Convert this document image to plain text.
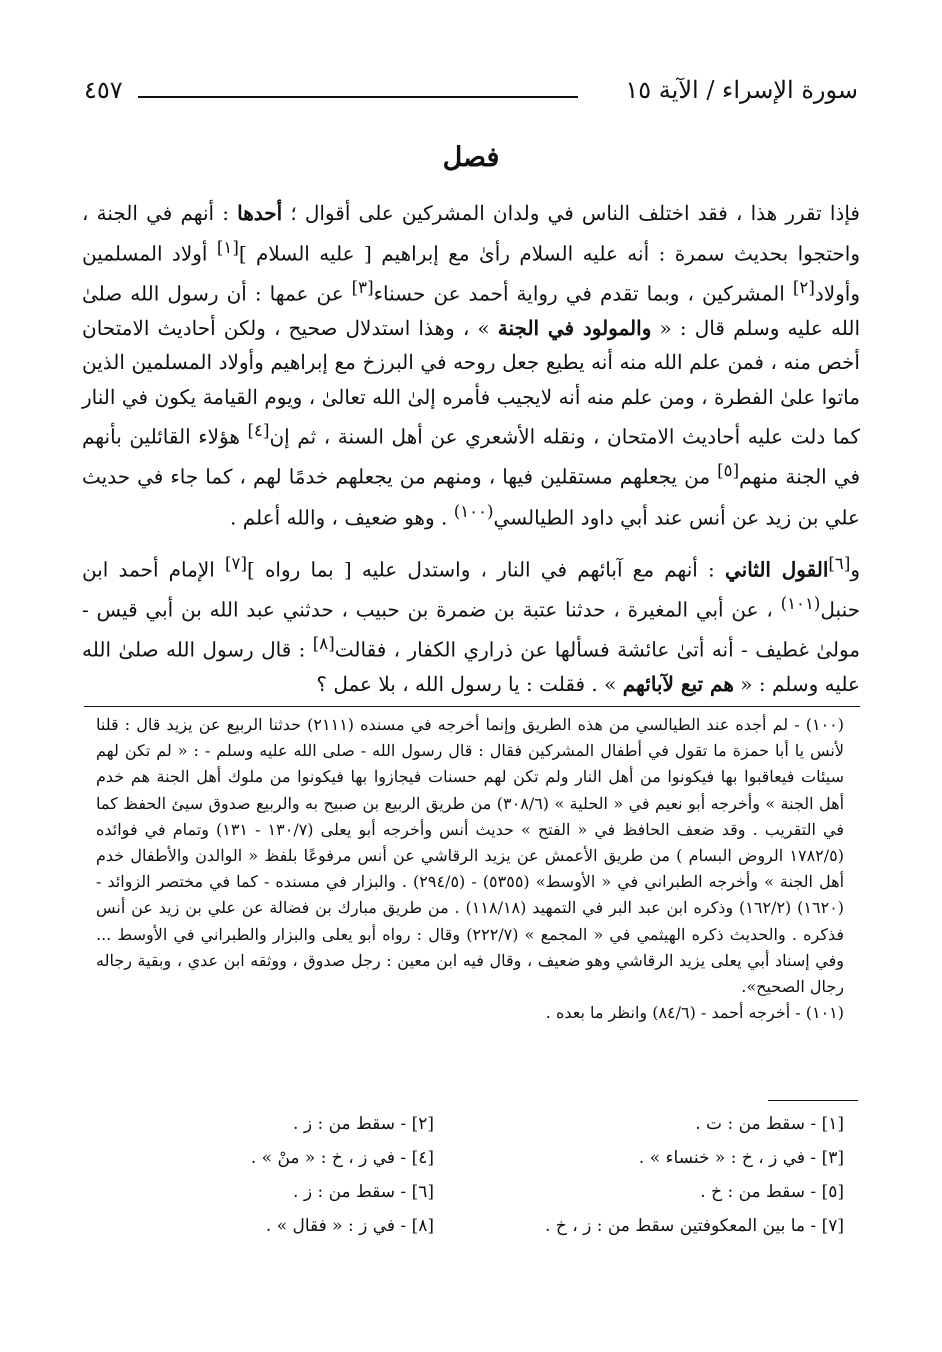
سورة الإسراء / الآية ١٥
٤٥٧
فصل

فإذا تقرر هذا ، فقد اختلف الناس في ولدان المشركين على أقوال ؛ أحدها : أنهم في الجنة ، واحتجوا بحديث سمرة : أنه عليه السلام رأىٰ مع إبراهيم [ عليه السلام ][١] أولاد المسلمين وأولاد[٢] المشركين ، وبما تقدم في رواية أحمد عن حسناء[٣] عن عمها : أن رسول الله صلىٰ الله عليه وسلم قال : « والمولود في الجنة » ، وهذا استدلال صحيح ، ولكن أحاديث الامتحان أخص منه ، فمن علم الله منه أنه يطيع جعل روحه في البرزخ مع إبراهيم وأولاد المسلمين الذين ماتوا علىٰ الفطرة ، ومن علم منه أنه لايجيب فأمره إلىٰ الله تعالىٰ ، ويوم القيامة يكون في النار كما دلت عليه أحاديث الامتحان ، ونقله الأشعري عن أهل السنة ، ثم إن[٤] هؤلاء القائلين بأنهم في الجنة منهم[٥] من يجعلهم مستقلين فيها ، ومنهم من يجعلهم خدمًا لهم ، كما جاء في حديث علي بن زيد عن أنس عند أبي داود الطيالسي$^{(١٠٠)}$ . وهو ضعيف ، والله أعلم .

و[٦]القول الثاني : أنهم مع آبائهم في النار ، واستدل عليه [ بما رواه ][٧] الإمام أحمد ابن حنبل$^{(١٠١)}$ ، عن أبي المغيرة ، حدثنا عتبة بن ضمرة بن حبيب ، حدثني عبد الله بن أبي قيس - مولىٰ غطيف - أنه أتىٰ عائشة فسألها عن ذراري الكفار ، فقالت[٨] : قال رسول الله صلىٰ الله عليه وسلم : « هم تبع لآبائهم » . فقلت : يا رسول الله ، بلا عمل ؟

(١٠٠) - لم أجده عند الطيالسي من هذه الطريق وإنما أخرجه في مسنده (٢١١١) حدثنا الربيع عن يزيد قال : قلنا لأنس يا أبا حمزة ما تقول في أطفال المشركين فقال : قال رسول الله - صلى الله عليه وسلم - : « لم تكن لهم سيئات فيعاقبوا بها فيكونوا من أهل النار ولم تكن لهم حسنات فيجازوا بها فيكونوا من ملوك أهل الجنة هم خدم أهل الجنة » وأخرجه أبو نعيم في « الحلية » (٣٠٨/٦) من طريق الربيع بن صبيح به والربيع صدوق سيئ الحفظ كما في التقريب . وقد ضعف الحافظ في « الفتح » حديث أنس وأخرجه أبو يعلى (١٣٠/٧ - ١٣١) وتمام في فوائده (١٧٨٢/٥ الروض البسام ) من طريق الأعمش عن يزيد الرقاشي عن أنس مرفوعًا بلفظ « الوالدن والأطفال خدم أهل الجنة » وأخرجه الطبراني في « الأوسط» (٥٣٥٥) - (٢٩٤/٥) . والبزار في مسنده - كما في مختصر الزوائد - (١٦٢٠) (١٦٢/٢) وذكره ابن عبد البر في التمهيد (١١٨/١٨) . من طريق مبارك بن فضالة عن علي بن زيد عن أنس فذكره . والحديث ذكره الهيثمي في « المجمع » (٢٢٢/٧) وقال : رواه أبو يعلى والبزار والطبراني في الأوسط ... وفي إسناد أبي يعلى يزيد الرقاشي وهو ضعيف ، وقال فيه ابن معين : رجل صدوق ، ووثقه ابن عدي ، وبقية رجاله رجال الصحيح».

(١٠١) - أخرجه أحمد - (٨٤/٦) وانظر ما بعده .

[١] - سقط من : ت .
[٢] - سقط من : ز .
[٣] - في ز ، خ : « خنساء » .
[٤] - في ز ، خ : « منْ » .
[٥] - سقط من : خ .
[٦] - سقط من : ز .
[٧] - ما بين المعكوفتين سقط من : ز ، خ .
[٨] - في ز : « فقال » .
